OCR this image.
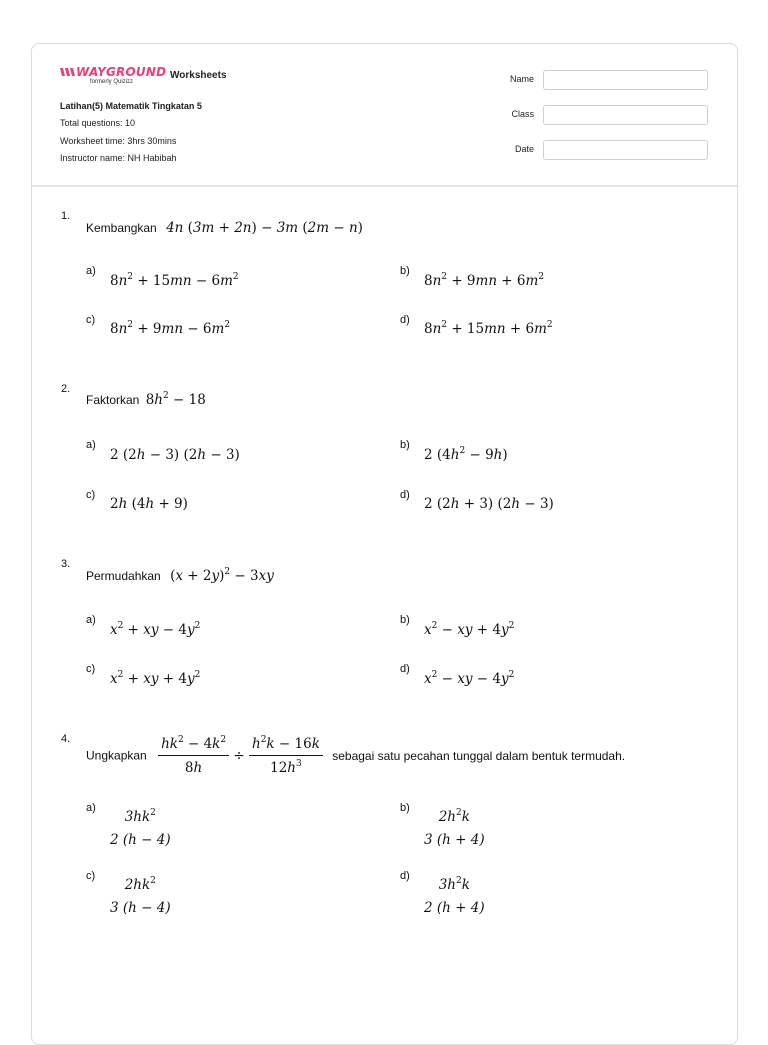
WAYGROUND
formerly Quizizz
Worksheets
Latihan(5) Matematik Tingkatan 5
Total questions: 10
Worksheet time: 3hrs 30mins
Instructor name: NH Habibah
Name
Class
Date
1.
Kembangkan 4n (3m + 2n) − 3m (2m − n)
a)
$8n^2 + 15mn - 6m^2$	b)
$8n^2 + 9mn + 6m^2$
c)
$8n^2 + 9mn - 6m^2$	d)
$8n^2 + 15mn + 6m^2$
2.
Faktorkan $8h^2 - 18$
a)
2 (2h − 3) (2h − 3)
b)
2 $(4h^2 - 9h)$
c)
2h (4h + 9)
d)
2 (2h + 3) (2h − 3)
3.
Permudahkan $(x + 2y)^2 - 3xy$
a)
$x^2$ + xy − $4y^2$	b)
$x^2$ − xy + $4y^2$
c)
$x^2$ + xy + $4y^2$	d)
$x^2$ − xy − $4y^2$
4.
Ungkapkan $\frac{hk^2 - 4k^2}{8h} \div \frac{h^2k - 16k}{12h^3}$ sebagai satu pecahan tunggal dalam bentuk termudah.
a)
$3hk^2$
2 (h − 4)
b)
$2h^2k$
3 (h + 4)
c)
$2hk^2$
3 (h − 4)
d)
$3h^2k$
2 (h + 4)
